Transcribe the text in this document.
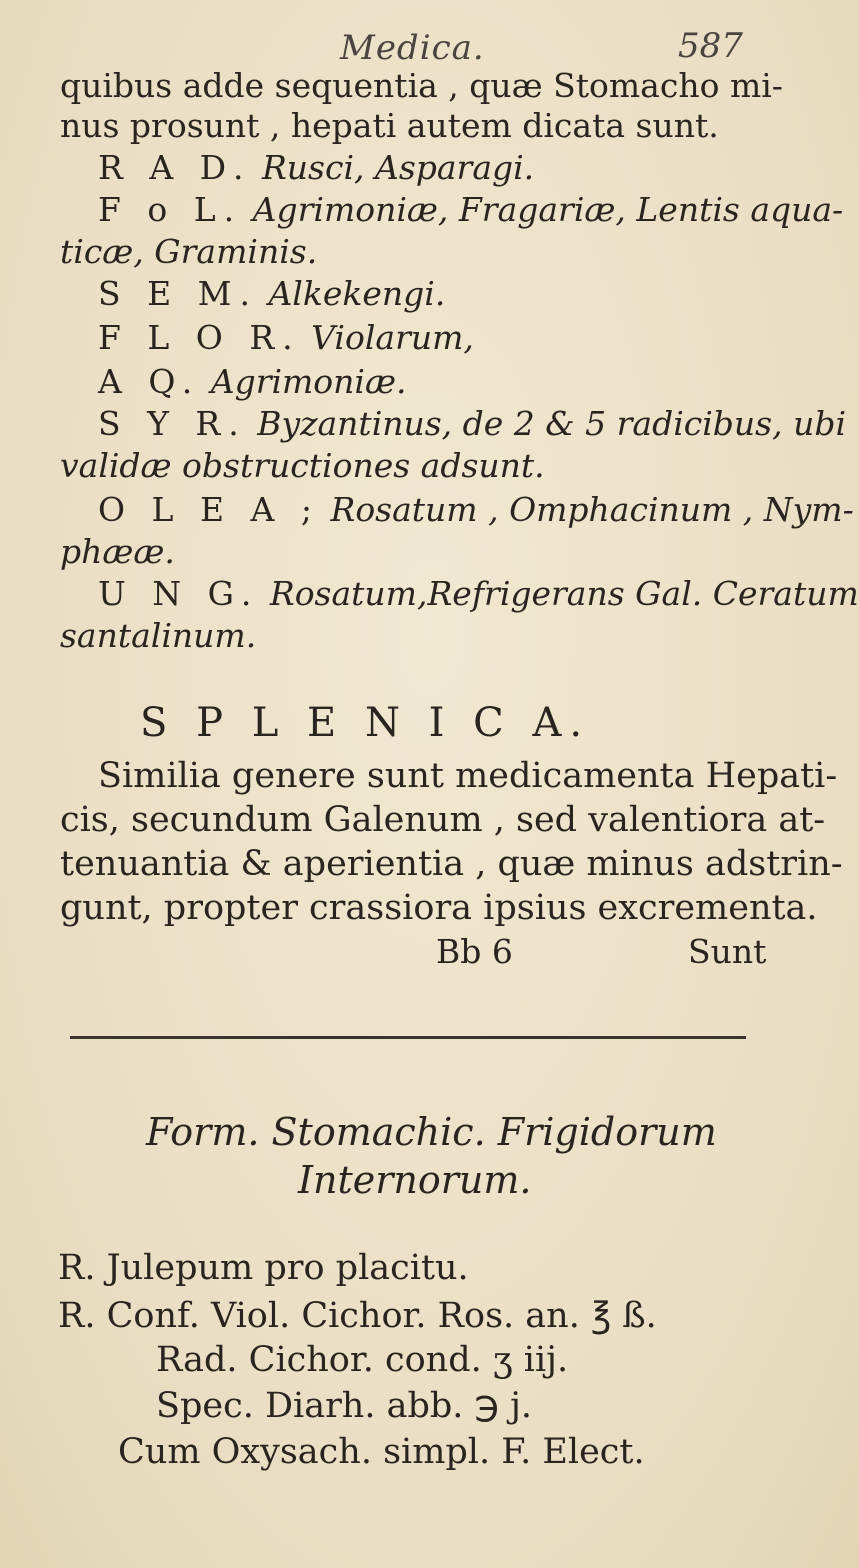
Medica.	587
quibus adde sequentia , quæ Stomacho mi-
nus prosunt , hepati autem dicata sunt.
R A D. Rusci, Asparagi.
F o L. Agrimoniæ, Fragariæ, Lentis aqua-
ticæ, Graminis.
S E M. Alkekengi.
F L O R. Violarum,
A Q. Agrimoniæ.
S Y R. Byzantinus, de 2 & 5 radicibus, ubi
validæ obstructiones adsunt.
O L E A ; Rosatum , Omphacinum , Nym-
phææ.
U N G. Rosatum,Refrigerans Gal. Ceratum
santalinum.
S P L E N I C A.
Similia genere sunt medicamenta Hepati-
cis, secundum Galenum , sed valentiora at-
tenuantia & aperientia , quæ minus adstrin-
gunt, propter crassiora ipsius excrementa.
Bb 6	Sunt
Form. Stomachic. Frigidorum
Internorum.
R. Julepum pro placitu.
R. Conf. Viol. Cichor. Ros. an. ℥ ß.
Rad. Cichor. cond. ʒ iij.
Spec. Diarh. abb. ℈ j.
Cum Oxysach. simpl. F. Elect.
